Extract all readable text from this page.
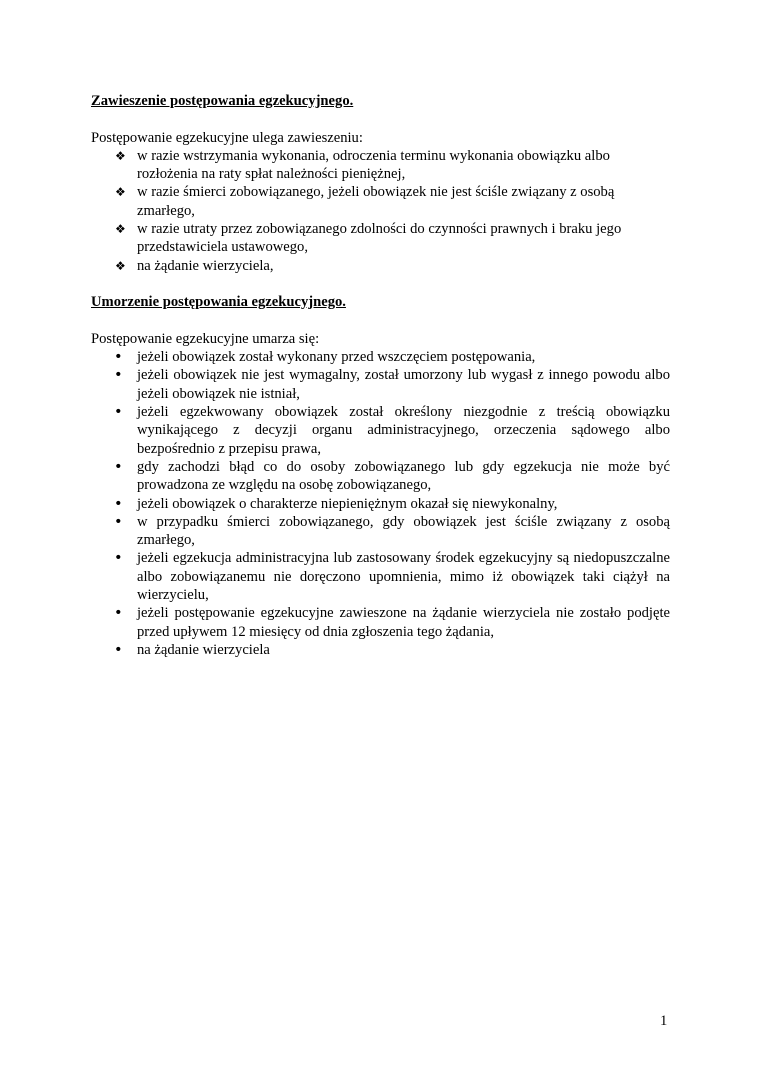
Zawieszenie postępowania egzekucyjnego.

Postępowanie egzekucyjne ulega zawieszeniu:

❖ w razie wstrzymania wykonania, odroczenia terminu wykonania obowiązku albo rozłożenia na raty spłat należności pieniężnej,
❖ w razie śmierci zobowiązanego, jeżeli obowiązek nie jest ściśle związany z osobą zmarłego,
❖ w razie utraty przez zobowiązanego zdolności do czynności prawnych i braku jego przedstawiciela ustawowego,
❖ na żądanie wierzyciela,

Umorzenie postępowania egzekucyjnego.

Postępowanie egzekucyjne umarza się:

• jeżeli obowiązek został wykonany przed wszczęciem postępowania,
• jeżeli obowiązek nie jest wymagalny, został umorzony lub wygasł z innego powodu albo jeżeli obowiązek nie istniał,
• jeżeli egzekwowany obowiązek został określony niezgodnie z treścią obowiązku wynikającego z decyzji organu administracyjnego, orzeczenia sądowego albo bezpośrednio z przepisu prawa,
• gdy zachodzi błąd co do osoby zobowiązanego lub gdy egzekucja nie może być prowadzona ze względu na osobę zobowiązanego,
• jeżeli obowiązek o charakterze niepieniężnym okazał się niewykonalny,
• w przypadku śmierci zobowiązanego, gdy obowiązek jest ściśle związany z osobą zmarłego,
• jeżeli egzekucja administracyjna lub zastosowany środek egzekucyjny są niedopuszczalne albo zobowiązanemu nie doręczono upomnienia, mimo iż obowiązek taki ciążył na wierzycielu,
• jeżeli postępowanie egzekucyjne zawieszone na żądanie wierzyciela nie zostało podjęte przed upływem 12 miesięcy od dnia zgłoszenia tego żądania,
• na żądanie wierzyciela
1
